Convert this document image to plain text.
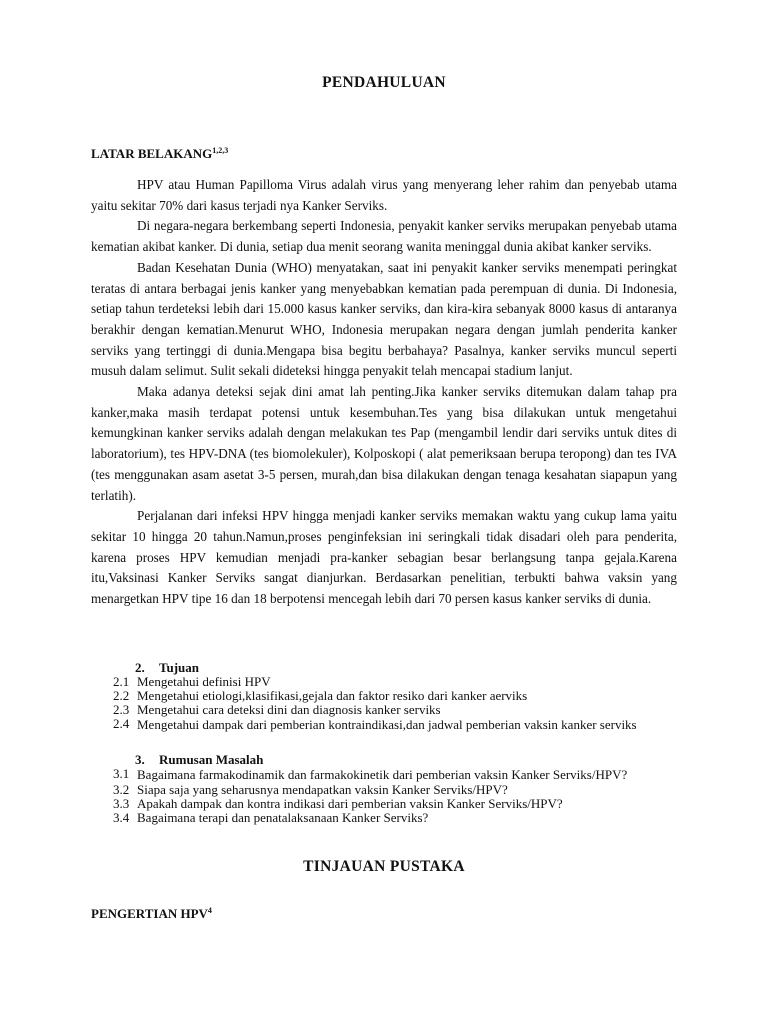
PENDAHULUAN
LATAR BELAKANG$^{1,2,3}$

HPV atau Human Papilloma Virus adalah virus yang menyerang leher rahim dan penyebab utama yaitu sekitar 70% dari kasus terjadi nya Kanker Serviks.

Di negara-negara berkembang seperti Indonesia, penyakit kanker serviks merupakan penyebab utama kematian akibat kanker. Di dunia, setiap dua menit seorang wanita meninggal dunia akibat kanker serviks.

Badan Kesehatan Dunia (WHO) menyatakan, saat ini penyakit kanker serviks menempati peringkat teratas di antara berbagai jenis kanker yang menyebabkan kematian pada perempuan di dunia. Di Indonesia, setiap tahun terdeteksi lebih dari 15.000 kasus kanker serviks, dan kira-kira sebanyak 8000 kasus di antaranya berakhir dengan kematian.Menurut WHO, Indonesia merupakan negara dengan jumlah penderita kanker serviks yang tertinggi di dunia.Mengapa bisa begitu berbahaya? Pasalnya, kanker serviks muncul seperti musuh dalam selimut. Sulit sekali dideteksi hingga penyakit telah mencapai stadium lanjut.

Maka adanya deteksi sejak dini amat lah penting.Jika kanker serviks ditemukan dalam tahap pra kanker,maka masih terdapat potensi untuk kesembuhan.Tes yang bisa dilakukan untuk mengetahui kemungkinan kanker serviks adalah dengan melakukan tes Pap (mengambil lendir dari serviks untuk dites di laboratorium), tes HPV-DNA (tes biomolekuler), Kolposkopi ( alat pemeriksaan berupa teropong) dan tes IVA (tes menggunakan asam asetat 3-5 persen, murah,dan bisa dilakukan dengan tenaga kesahatan siapapun yang terlatih).

Perjalanan dari infeksi HPV hingga menjadi kanker serviks memakan waktu yang cukup lama yaitu sekitar 10 hingga 20 tahun.Namun,proses penginfeksian ini seringkali tidak disadari oleh para penderita, karena proses HPV kemudian menjadi pra-kanker sebagian besar berlangsung tanpa gejala.Karena itu,Vaksinasi Kanker Serviks sangat dianjurkan. Berdasarkan penelitian, terbukti bahwa vaksin yang menargetkan HPV tipe 16 dan 18 berpotensi mencegah lebih dari 70 persen kasus kanker serviks di dunia.

2. Tujuan
2.1 Mengetahui definisi HPV
2.2 Mengetahui etiologi,klasifikasi,gejala dan faktor resiko dari kanker aerviks
2.3 Mengetahui cara deteksi dini dan diagnosis kanker serviks
2.4 Mengetahui dampak dari pemberian kontraindikasi,dan jadwal pemberian vaksin kanker serviks
3. Rumusan Masalah
3.1 Bagaimana farmakodinamik dan farmakokinetik dari pemberian vaksin Kanker Serviks/HPV?
3.2 Siapa saja yang seharusnya mendapatkan vaksin Kanker Serviks/HPV?
3.3 Apakah dampak dan kontra indikasi dari pemberian vaksin Kanker Serviks/HPV?
3.4 Bagaimana terapi dan penatalaksanaan Kanker Serviks?
TINJAUAN PUSTAKA
PENGERTIAN HPV$^4$
